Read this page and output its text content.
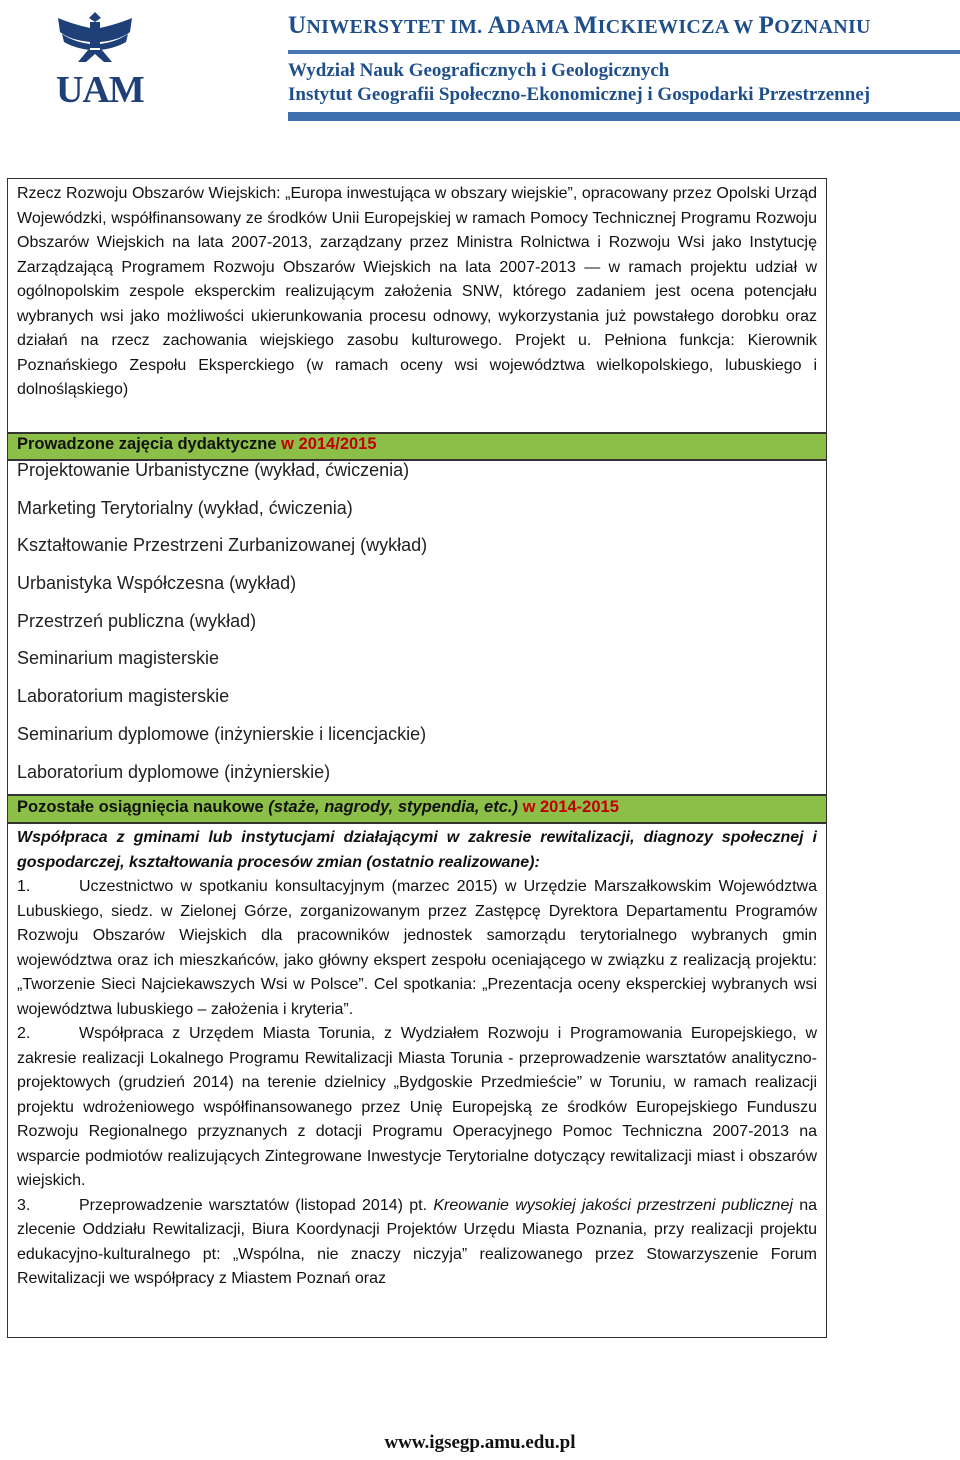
UAM
UNIWERSYTET IM. ADAMA MICKIEWICZA W POZNANIU
Wydział Nauk Geograficznych i Geologicznych
Instytut Geografii Społeczno-Ekonomicznej i Gospodarki Przestrzennej
Rzecz Rozwoju Obszarów Wiejskich: „Europa inwestująca w obszary wiejskie”, opracowany przez Opolski Urząd Wojewódzki, współfinansowany ze środków Unii Europejskiej w ramach Pomocy Technicznej Programu Rozwoju Obszarów Wiejskich na lata 2007-2013, zarządzany przez Ministra Rolnictwa i Rozwoju Wsi jako Instytucję Zarządzającą Programem Rozwoju Obszarów Wiejskich na lata 2007-2013 — w ramach projektu udział w ogólnopolskim zespole eksperckim realizującym założenia SNW, którego zadaniem jest ocena potencjału wybranych wsi jako możliwości ukierunkowania procesu odnowy, wykorzystania już powstałego dorobku oraz działań na rzecz zachowania wiejskiego zasobu kulturowego. Projekt u. Pełniona funkcja: Kierownik Poznańskiego Zespołu Eksperckiego (w ramach oceny wsi województwa wielkopolskiego, lubuskiego i dolnośląskiego)
Prowadzone zajęcia dydaktyczne w 2014/2015
Projektowanie Urbanistyczne (wykład, ćwiczenia)
Marketing Terytorialny (wykład, ćwiczenia)
Kształtowanie Przestrzeni Zurbanizowanej (wykład)
Urbanistyka Współczesna (wykład)
Przestrzeń publiczna (wykład)
Seminarium magisterskie
Laboratorium magisterskie
Seminarium dyplomowe (inżynierskie i licencjackie)
Laboratorium dyplomowe (inżynierskie)
Pozostałe osiągnięcia naukowe (staże, nagrody, stypendia, etc.) w 2014-2015
Współpraca z gminami lub instytucjami działającymi w zakresie rewitalizacji, diagnozy społecznej i gospodarczej, kształtowania procesów zmian (ostatnio realizowane):
1.	Uczestnictwo w spotkaniu konsultacyjnym (marzec 2015) w Urzędzie Marszałkowskim Województwa Lubuskiego, siedz. w Zielonej Górze, zorganizowanym przez Zastępcę Dyrektora Departamentu Programów Rozwoju Obszarów Wiejskich dla pracowników jednostek samorządu terytorialnego wybranych gmin województwa oraz ich mieszkańców, jako główny ekspert zespołu oceniającego w związku z realizacją projektu: „Tworzenie Sieci Najciekawszych Wsi w Polsce”. Cel spotkania: „Prezentacja oceny eksperckiej wybranych wsi województwa lubuskiego – założenia i kryteria”.
2.	Współpraca z Urzędem Miasta Torunia, z Wydziałem Rozwoju i Programowania Europejskiego, w zakresie realizacji Lokalnego Programu Rewitalizacji Miasta Torunia - przeprowadzenie warsztatów analityczno-projektowych (grudzień 2014) na terenie dzielnicy „Bydgoskie Przedmieście” w Toruniu, w ramach realizacji projektu wdrożeniowego współfinansowanego przez Unię Europejską ze środków Europejskiego Funduszu Rozwoju Regionalnego przyznanych z dotacji Programu Operacyjnego Pomoc Techniczna 2007-2013 na wsparcie podmiotów realizujących Zintegrowane Inwestycje Terytorialne dotyczący rewitalizacji miast i obszarów wiejskich.
3.	Przeprowadzenie warsztatów (listopad 2014) pt. Kreowanie wysokiej jakości przestrzeni publicznej na zlecenie Oddziału Rewitalizacji, Biura Koordynacji Projektów Urzędu Miasta Poznania, przy realizacji projektu edukacyjno-kulturalnego pt: „Wspólna, nie znaczy niczyja” realizowanego przez Stowarzyszenie Forum Rewitalizacji we współpracy z Miastem Poznań oraz
www.igsegp.amu.edu.pl
